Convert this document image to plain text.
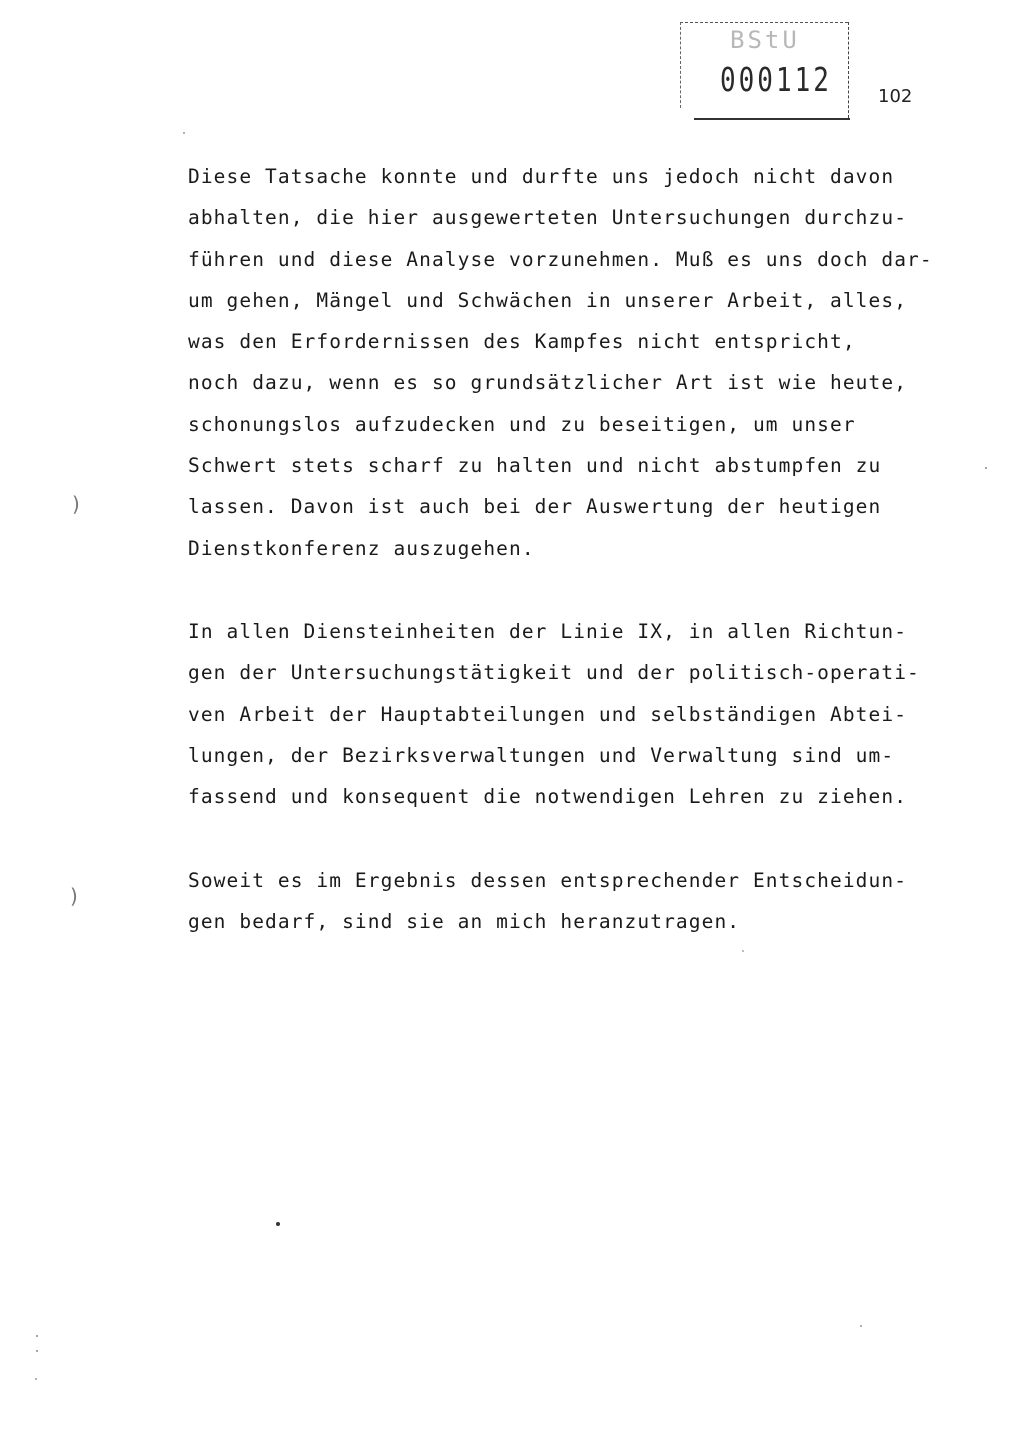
BStU
000112	102
Diese Tatsache konnte und durfte uns jedoch nicht davon
abhalten, die hier ausgewerteten Untersuchungen durchzu-
führen und diese Analyse vorzunehmen. Muß es uns doch dar-
um gehen, Mängel und Schwächen in unserer Arbeit, alles,
was den Erfordernissen des Kampfes nicht entspricht,
noch dazu, wenn es so grundsätzlicher Art ist wie heute,
schonungslos aufzudecken und zu beseitigen, um unser
Schwert stets scharf zu halten und nicht abstumpfen zu
lassen. Davon ist auch bei der Auswertung der heutigen
Dienstkonferenz auszugehen.
In allen Diensteinheiten der Linie IX, in allen Richtun-
gen der Untersuchungstätigkeit und der politisch-operati-
ven Arbeit der Hauptabteilungen und selbständigen Abtei-
lungen, der Bezirksverwaltungen und Verwaltung sind um-
fassend und konsequent die notwendigen Lehren zu ziehen.
Soweit es im Ergebnis dessen entsprechender Entscheidun-
gen bedarf, sind sie an mich heranzutragen.
)
)
